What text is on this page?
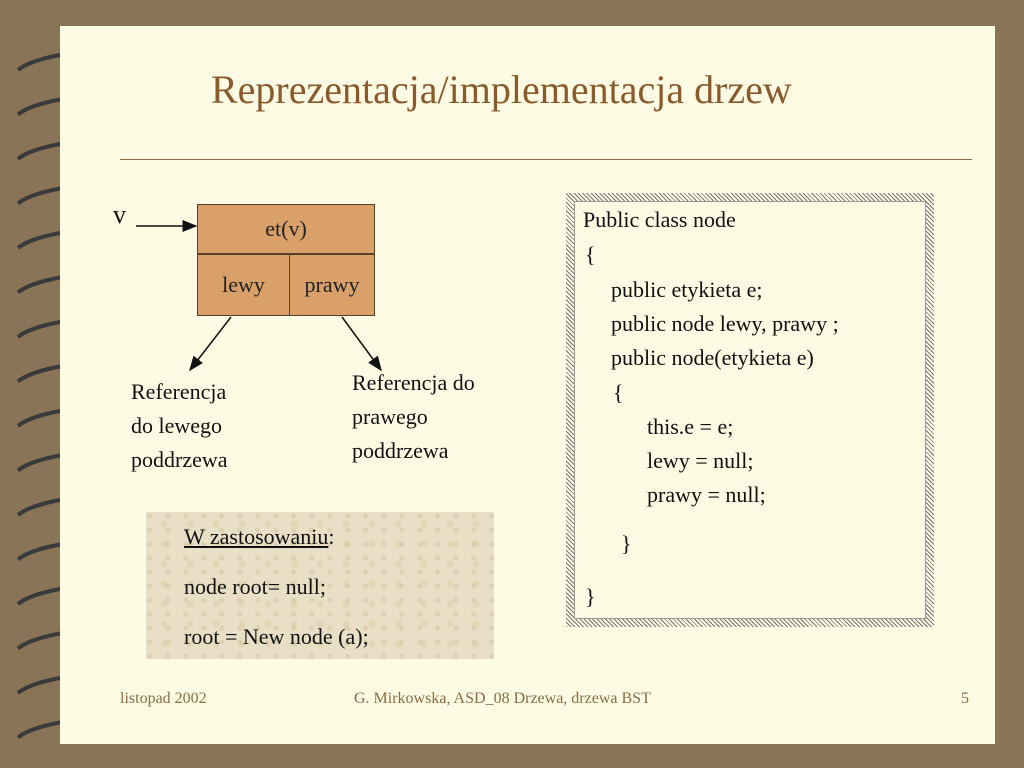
Reprezentacja/implementacja drzew
v	et(v)
lewy	prawy
Referencja
do lewego
poddrzewa
Referencja do
prawego
poddrzewa
W zastosowaniu:
node root= null;
root = New node (a);
Public class node
{
public etykieta e;
public node lewy, prawy ;
public node(etykieta e)
{
this.e = e;
lewy = null;
prawy = null;
}
}
listopad 2002	G. Mirkowska, ASD_08 Drzewa, drzewa BST	5
